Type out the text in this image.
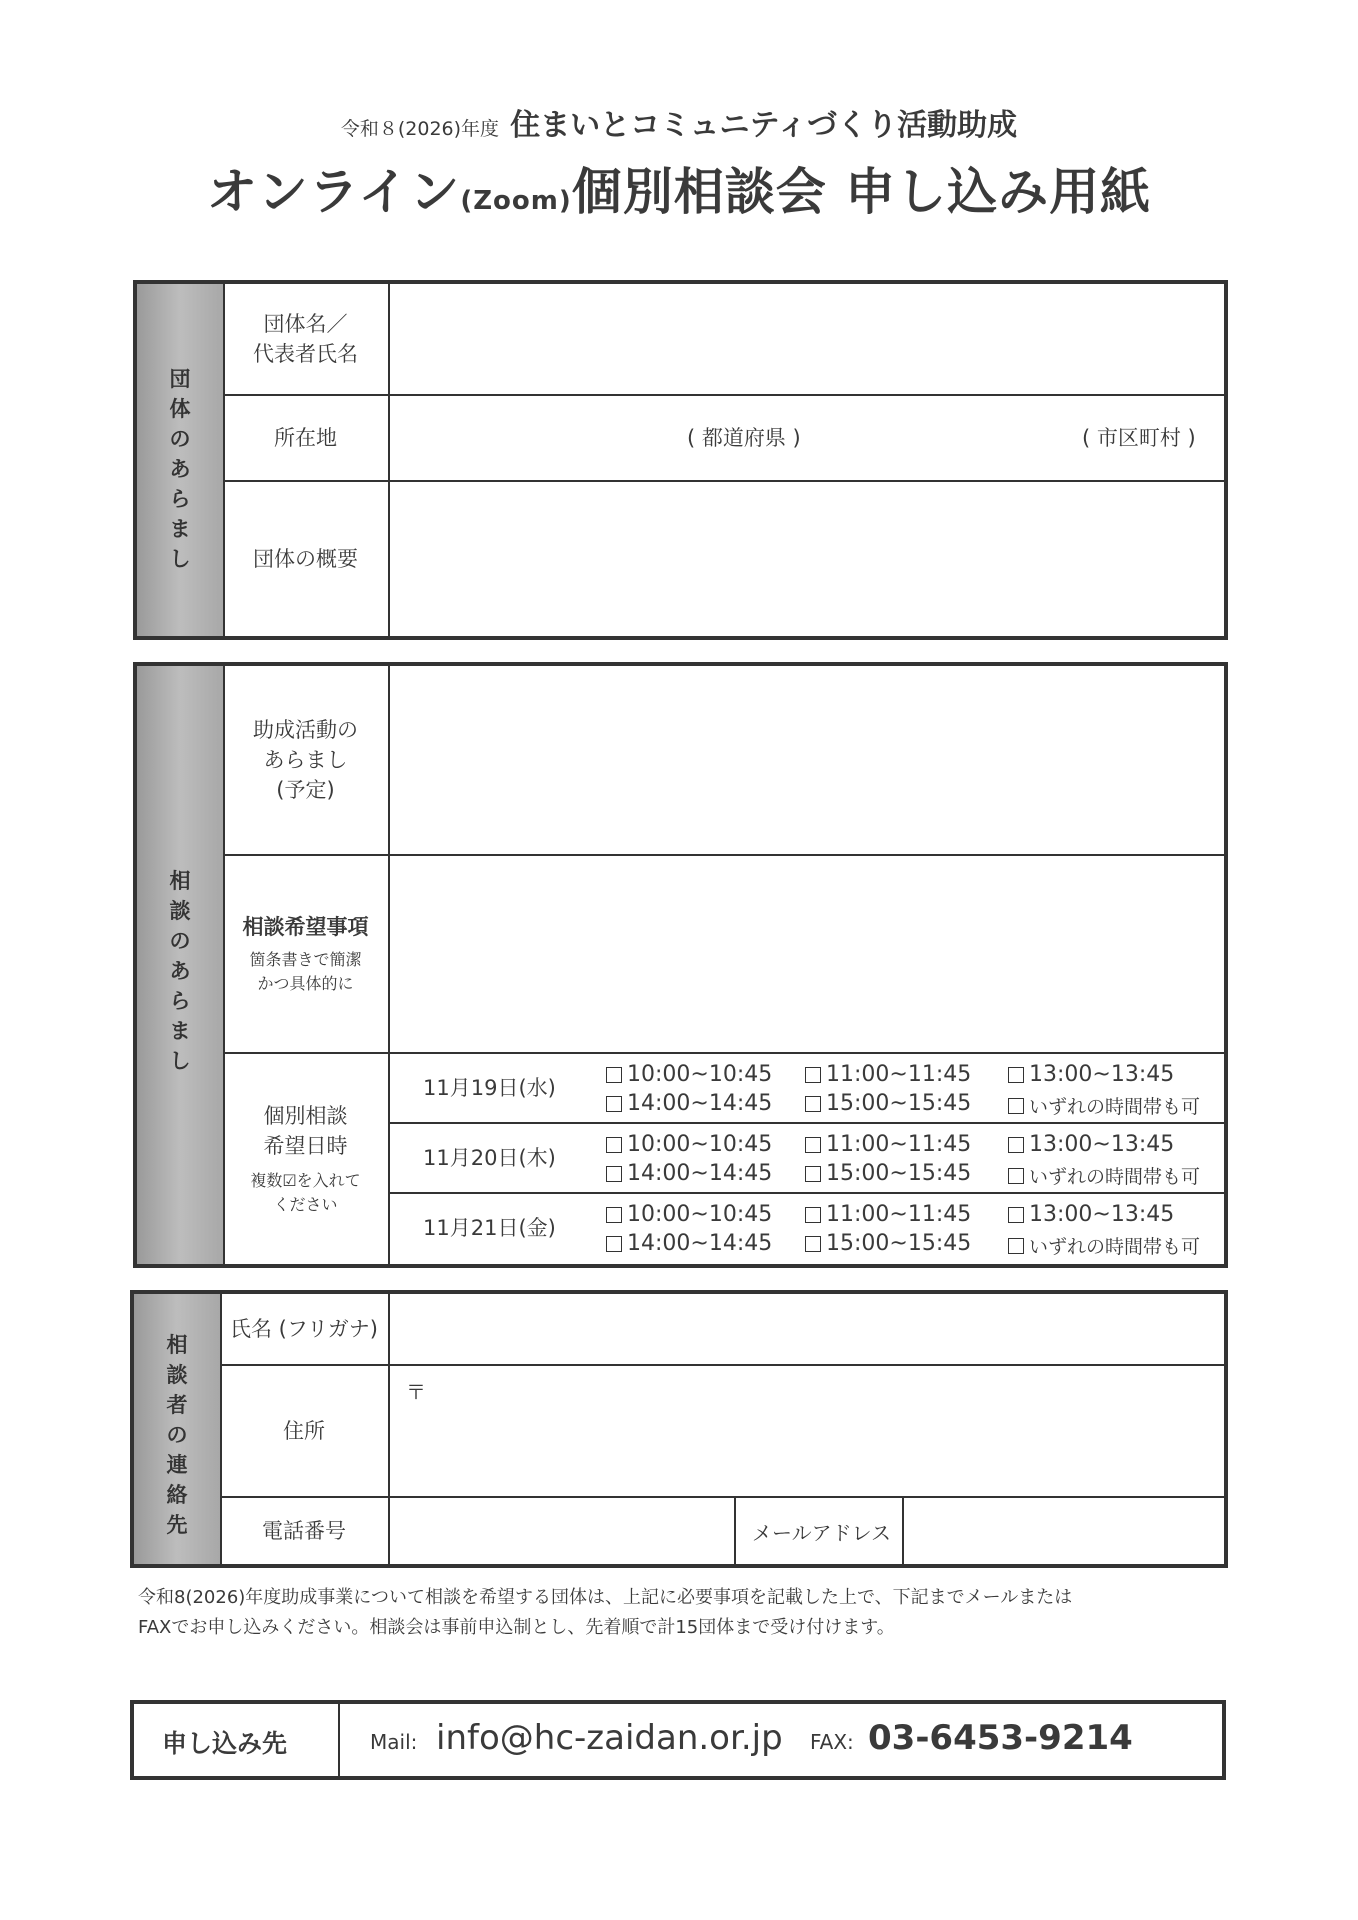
令和８(2026)年度 住まいとコミュニティづくり活動助成
オンライン(Zoom)個別相談会 申し込み用紙
団
体
の
あ
ら
ま
し
団体名／
代表者氏名
所在地	( 都道府県 )	( 市区町村 )
団体の概要
相
談
の
あ
ら
ま
し
助成活動の
あらまし
(予定)
相談希望事項
箇条書きで簡潔
かつ具体的に
個別相談
希望日時
複数☑を入れて
ください
11月19日(水)
10:00~10:45 11:00~11:45	13:00~13:45
14:00~14:45 15:00~15:45	いずれの時間帯も可
11月20日(木)
10:00~10:45 11:00~11:45	13:00~13:45
14:00~14:45 15:00~15:45	いずれの時間帯も可
11月21日(金)
10:00~10:45 11:00~11:45	13:00~13:45
14:00~14:45 15:00~15:45	いずれの時間帯も可
相
談
者
の
連
絡
先
氏名 (フリガナ)
住所
〒
電話番号	メールアドレス
令和8(2026)年度助成事業について相談を希望する団体は、上記に必要事項を記載した上で、下記までメールまたは
FAXでお申し込みください。相談会は事前申込制とし、先着順で計15団体まで受け付けます。
申し込み先	Mail: info@hc-zaidan.or.jp FAX: 03-6453-9214
